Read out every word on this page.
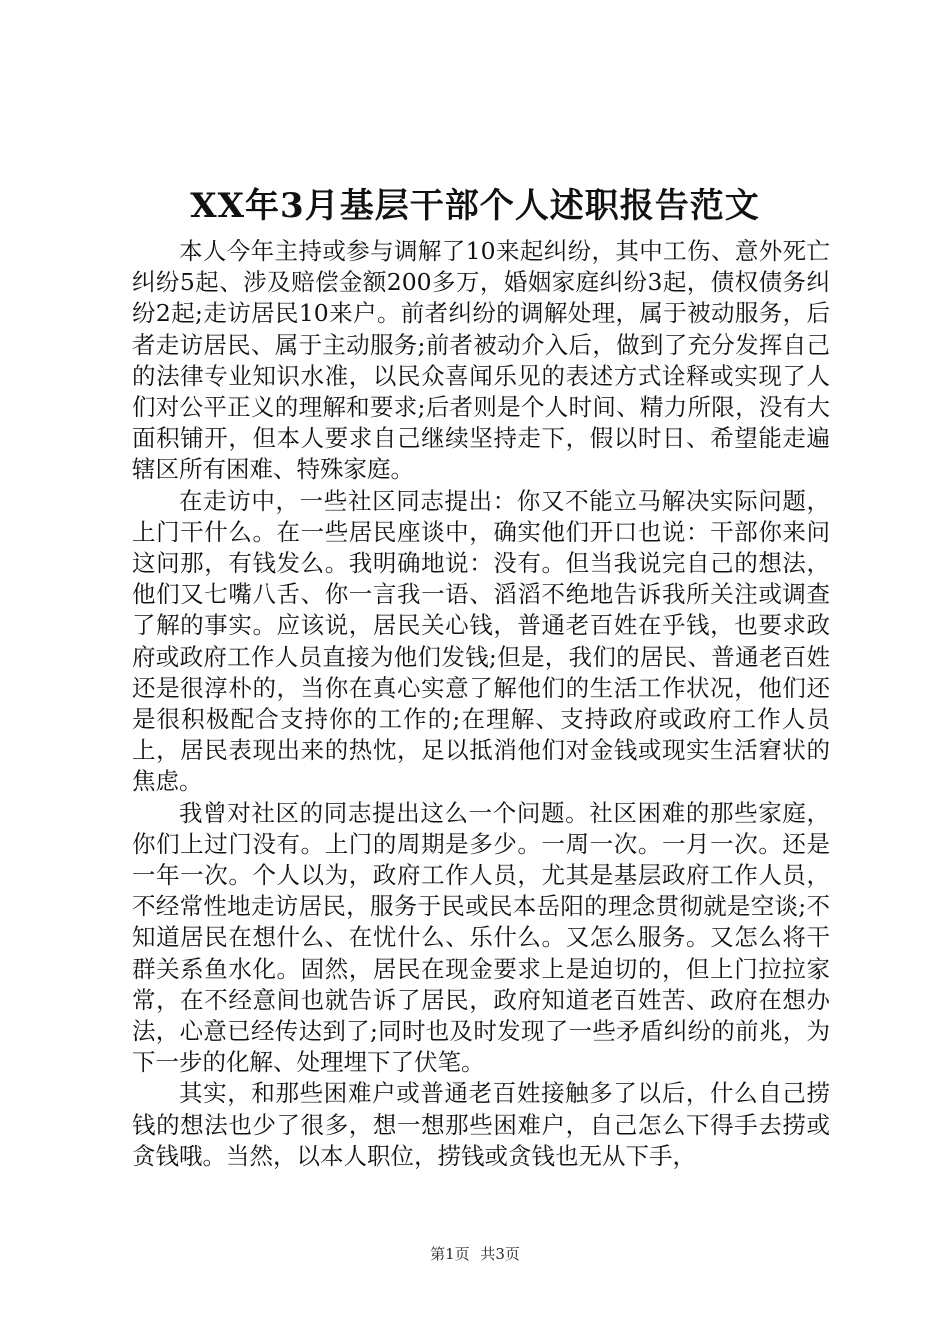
XX年3月基层干部个人述职报告范文

本人今年主持或参与调解了10来起纠纷，其中工伤、意外死亡纠纷5起、涉及赔偿金额200多万，婚姻家庭纠纷3起，债权债务纠纷2起;走访居民10来户。前者纠纷的调解处理，属于被动服务，后者走访居民、属于主动服务;前者被动介入后，做到了充分发挥自己的法律专业知识水准，以民众喜闻乐见的表述方式诠释或实现了人们对公平正义的理解和要求;后者则是个人时间、精力所限，没有大面积铺开，但本人要求自己继续坚持走下，假以时日、希望能走遍辖区所有困难、特殊家庭。

在走访中，一些社区同志提出：你又不能立马解决实际问题，上门干什么。在一些居民座谈中，确实他们开口也说：干部你来问这问那，有钱发么。我明确地说：没有。但当我说完自己的想法，他们又七嘴八舌、你一言我一语、滔滔不绝地告诉我所关注或调查了解的事实。应该说，居民关心钱，普通老百姓在乎钱，也要求政府或政府工作人员直接为他们发钱;但是，我们的居民、普通老百姓还是很淳朴的，当你在真心实意了解他们的生活工作状况，他们还是很积极配合支持你的工作的;在理解、支持政府或政府工作人员上，居民表现出来的热忱，足以抵消他们对金钱或现实生活窘状的焦虑。

我曾对社区的同志提出这么一个问题。社区困难的那些家庭，你们上过门没有。上门的周期是多少。一周一次。一月一次。还是一年一次。个人以为，政府工作人员，尤其是基层政府工作人员，不经常性地走访居民，服务于民或民本岳阳的理念贯彻就是空谈;不知道居民在想什么、在忧什么、乐什么。又怎么服务。又怎么将干群关系鱼水化。固然，居民在现金要求上是迫切的，但上门拉拉家常，在不经意间也就告诉了居民，政府知道老百姓苦、政府在想办法，心意已经传达到了;同时也及时发现了一些矛盾纠纷的前兆，为下一步的化解、处理埋下了伏笔。

其实，和那些困难户或普通老百姓接触多了以后，什么自己捞钱的想法也少了很多，想一想那些困难户，自己怎么下得手去捞或贪钱哦。当然，以本人职位，捞钱或贪钱也无从下手，

第1页 共3页
